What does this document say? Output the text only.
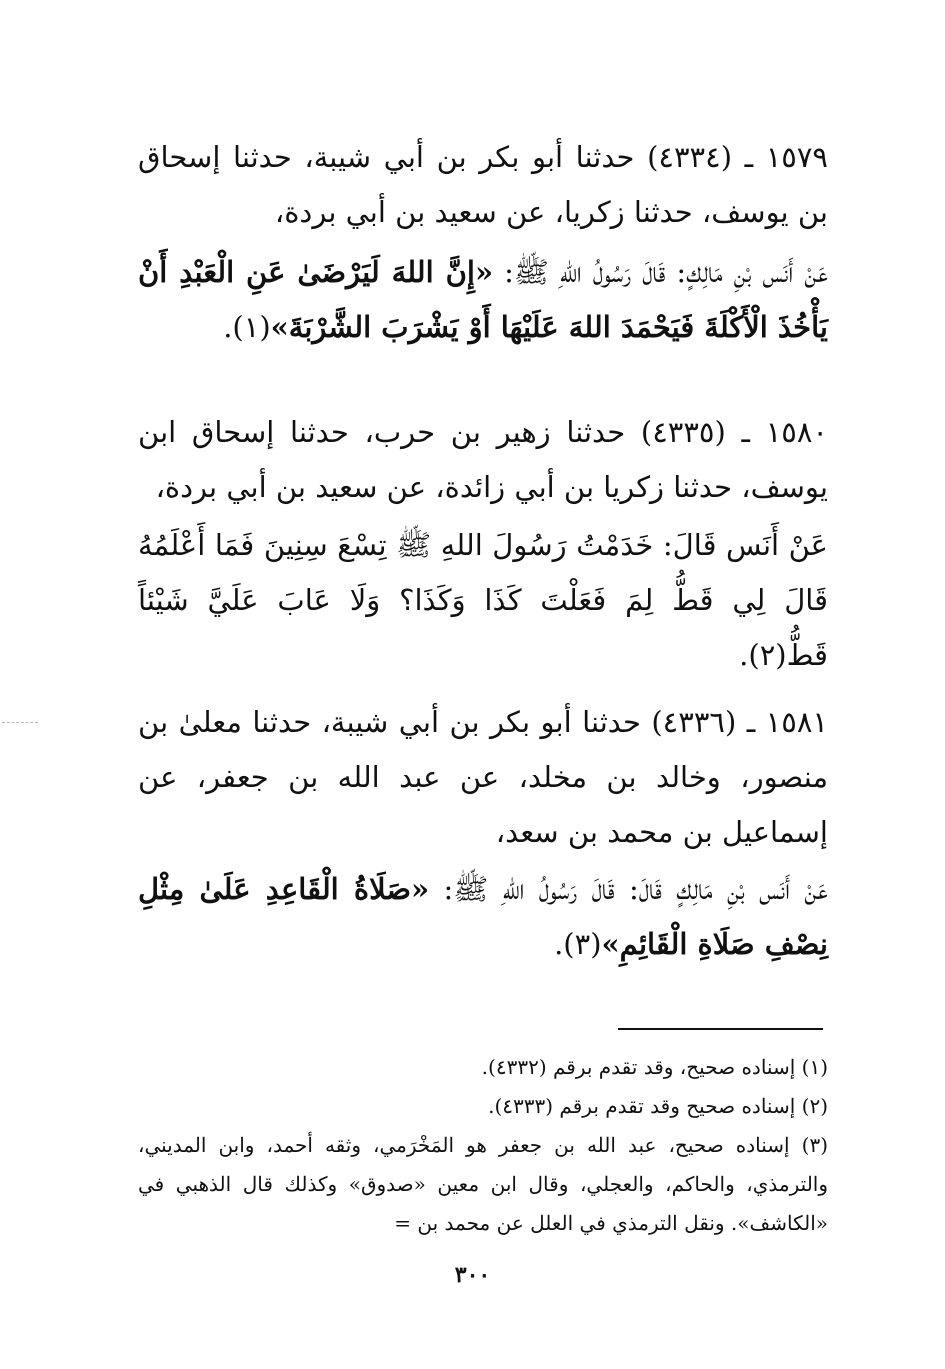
١٥٧٩ ـ (٤٣٣٤) حدثنا أبو بكر بن أبي شيبة، حدثنا إسحاق بن يوسف، حدثنا زكريا، عن سعيد بن أبي بردة،
عَنْ أَنَس بْنِ مَالِكٍ: قَالَ رَسُولُ اللهِ ﷺ: «إِنَّ اللهَ لَيَرْضَىٰ عَنِ الْعَبْدِ أَنْ يَأْخُذَ الْأَكْلَةَ فَيَحْمَدَ اللهَ عَلَيْهَا أَوْ يَشْرَبَ الشَّرْبَةَ»(١).
١٥٨٠ ـ (٤٣٣٥) حدثنا زهير بن حرب، حدثنا إسحاق ابن يوسف، حدثنا زكريا بن أبي زائدة، عن سعيد بن أبي بردة،
عَنْ أَنَس قَالَ: خَدَمْتُ رَسُولَ اللهِ ﷺ تِسْعَ سِنِينَ فَمَا أَعْلَمُهُ قَالَ لِي قَطُّ لِمَ فَعَلْتَ كَذَا وَكَذَا؟ وَلَا عَابَ عَلَيَّ شَيْئاً قَطُّ(٢).
١٥٨١ ـ (٤٣٣٦) حدثنا أبو بكر بن أبي شيبة، حدثنا معلىٰ بن منصور، وخالد بن مخلد، عن عبد الله بن جعفر، عن إسماعيل بن محمد بن سعد،
عَنْ أَنَس بْنِ مَالِكٍ قَالَ: قَالَ رَسُولُ اللهِ ﷺ: «صَلَاةُ الْقَاعِدِ عَلَىٰ مِثْلِ نِصْفِ صَلَاةِ الْقَائِمِ»(٣).
(١) إسناده صحيح، وقد تقدم برقم (٤٣٣٢).
(٢) إسناده صحيح وقد تقدم برقم (٤٣٣٣).
(٣) إسناده صحيح، عبد الله بن جعفر هو المَخْرَمي، وثقه أحمد، وابن المديني، والترمذي، والحاكم، والعجلي، وقال ابن معين «صدوق» وكذلك قال الذهبي في «الكاشف». ونقل الترمذي في العلل عن محمد بن =
٣٠٠
